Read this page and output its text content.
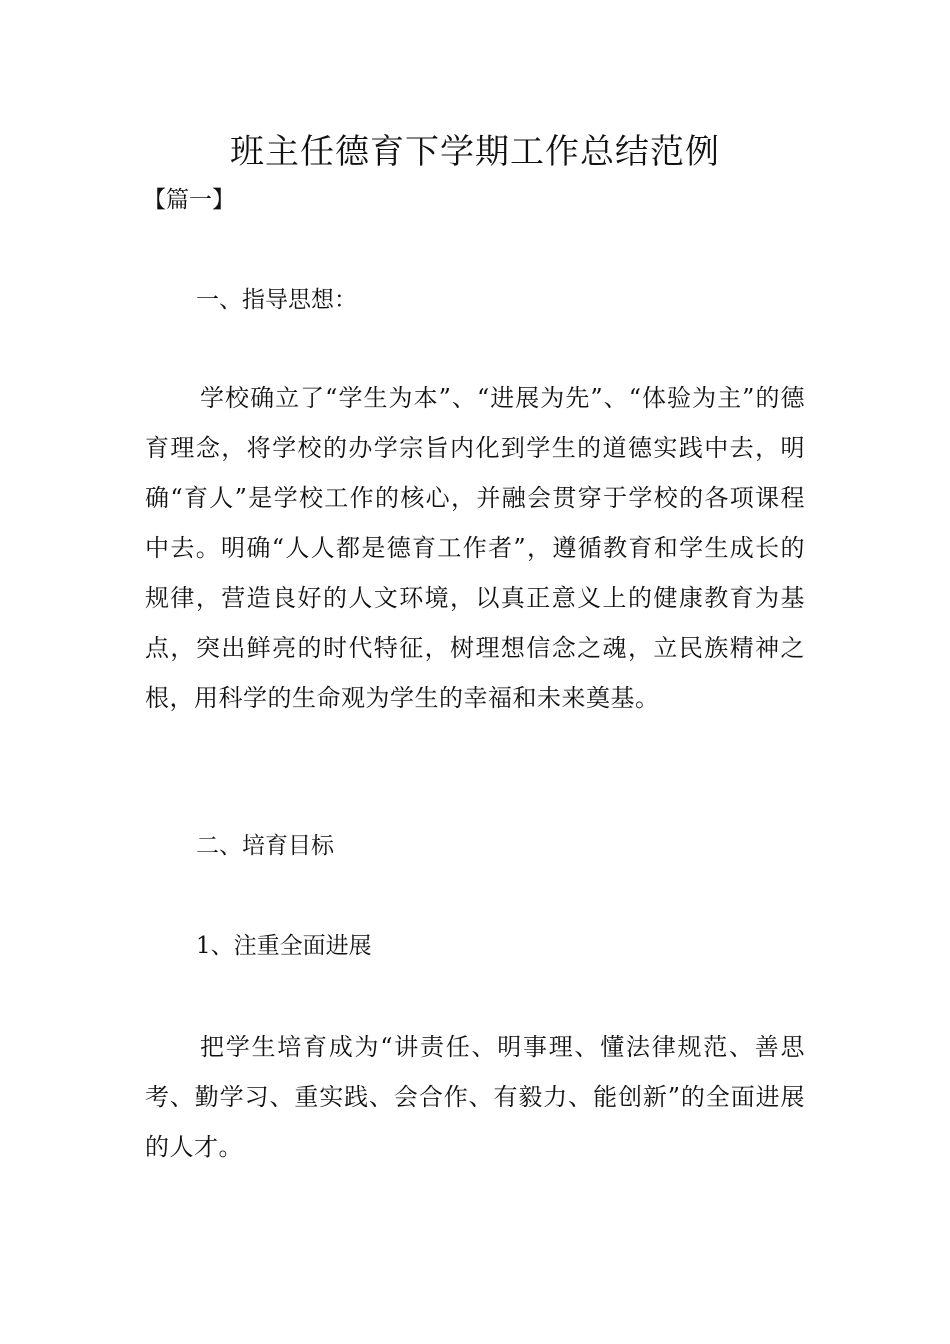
班主任德育下学期工作总结范例
【篇一】
一、指导思想：

学校确立了“学生为本”、“进展为先”、“体验为主”的德育理念，将学校的办学宗旨内化到学生的道德实践中去，明确“育人”是学校工作的核心，并融会贯穿于学校的各项课程中去。明确“人人都是德育工作者”，遵循教育和学生成长的规律，营造良好的人文环境，以真正意义上的健康教育为基点，突出鲜亮的时代特征，树理想信念之魂，立民族精神之根，用科学的生命观为学生的幸福和未来奠基。

二、培育目标
1、注重全面进展

把学生培育成为“讲责任、明事理、懂法律规范、善思考、勤学习、重实践、会合作、有毅力、能创新”的全面进展的人才。
